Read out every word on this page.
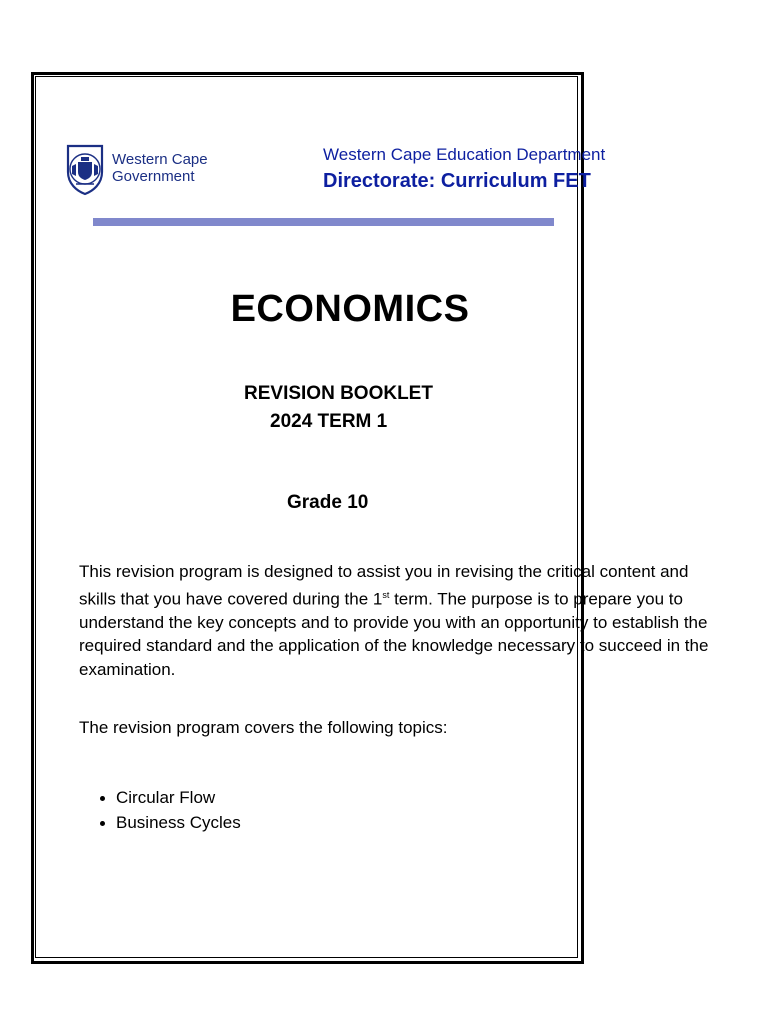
Western Cape
Government
Western Cape Education Department
Directorate: Curriculum FET
ECONOMICS
REVISION BOOKLET
2024 TERM 1
Grade 10
This revision program is designed to assist you in revising the critical content and skills that you have covered during the 1st term. The purpose is to prepare you to understand the key concepts and to provide you with an opportunity to establish the required standard and the application of the knowledge necessary to succeed in the examination.
The revision program covers the following topics:
Circular Flow
Business Cycles
